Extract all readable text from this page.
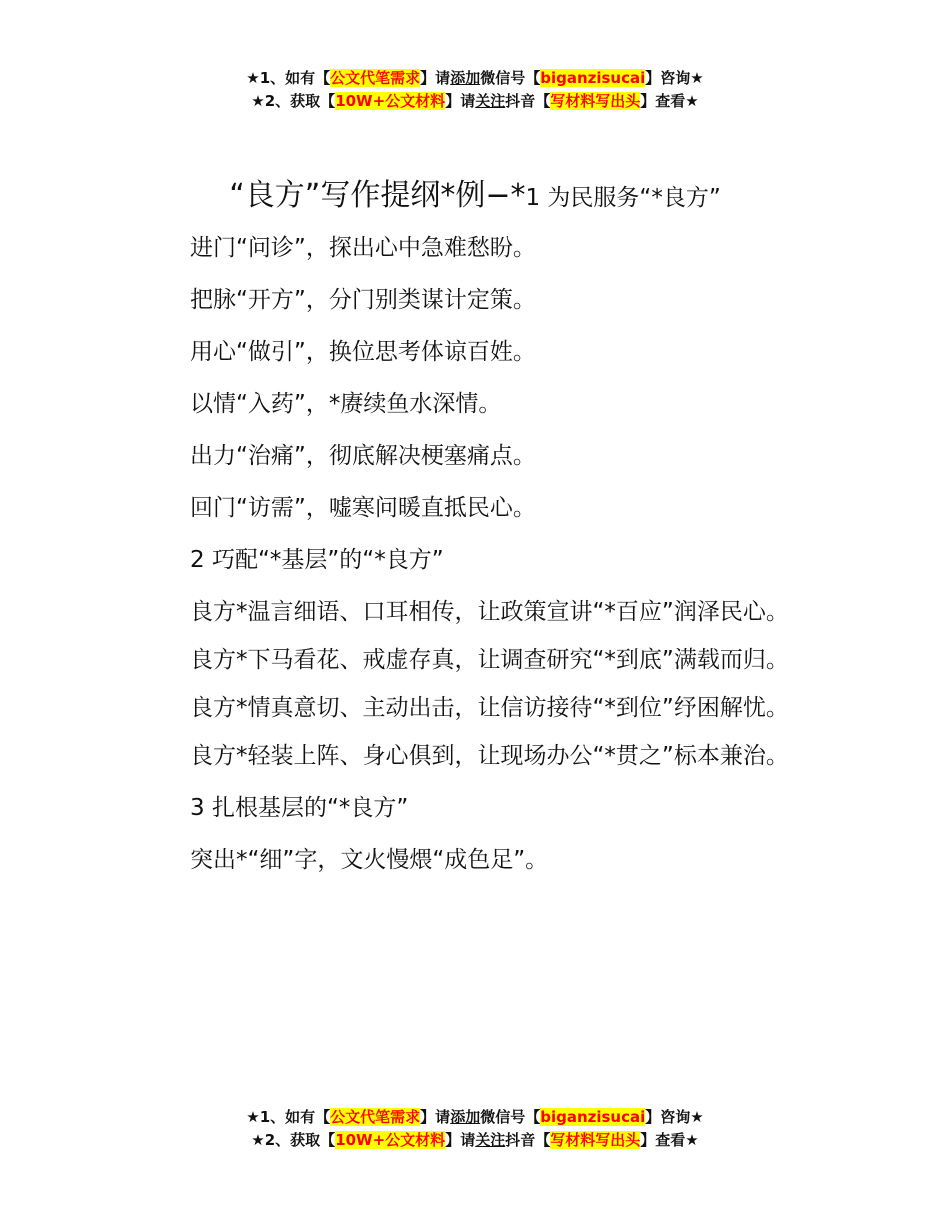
★1、如有【公文代笔需求】请添加微信号【biganzisucai】咨询★
★2、获取【10W+公文材料】请关注抖音【写材料写出头】查看★
“良方”写作提纲*例−*1 为民服务“*良方”

进门“问诊”，探出心中急难愁盼。

把脉“开方”，分门别类谋计定策。

用心“做引”，换位思考体谅百姓。

以情“入药”，*赓续鱼水深情。

出力“治痛”，彻底解决梗塞痛点。

回门“访需”，嘘寒问暖直抵民心。

2 巧配“*基层”的“*良方”

良方*温言细语、口耳相传，让政策宣讲“*百应”润泽民心。

良方*下马看花、戒虚存真，让调查研究“*到底”满载而归。

良方*情真意切、主动出击，让信访接待“*到位”纾困解忧。

良方*轻装上阵、身心俱到，让现场办公“*贯之”标本兼治。

3 扎根基层的“*良方”

突出*“细”字，文火慢煨“成色足”。

★1、如有【公文代笔需求】请添加微信号【biganzisucai】咨询★
★2、获取【10W+公文材料】请关注抖音【写材料写出头】查看★
